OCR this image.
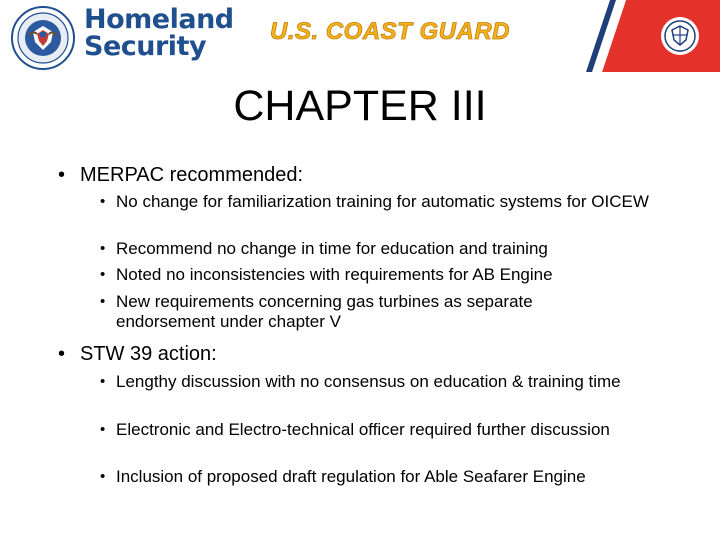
Homeland
Security	U.S. COAST GUARD
CHAPTER III
• MERPAC recommended:
• No change for familiarization training for automatic systems for OICEW
• Recommend no change in time for education and training
• Noted no inconsistencies with requirements for AB Engine
• New requirements concerning gas turbines as separate endorsement under chapter V
• STW 39 action:
• Lengthy discussion with no consensus on education & training time
• Electronic and Electro-technical officer required further discussion
• Inclusion of proposed draft regulation for Able Seafarer Engine
